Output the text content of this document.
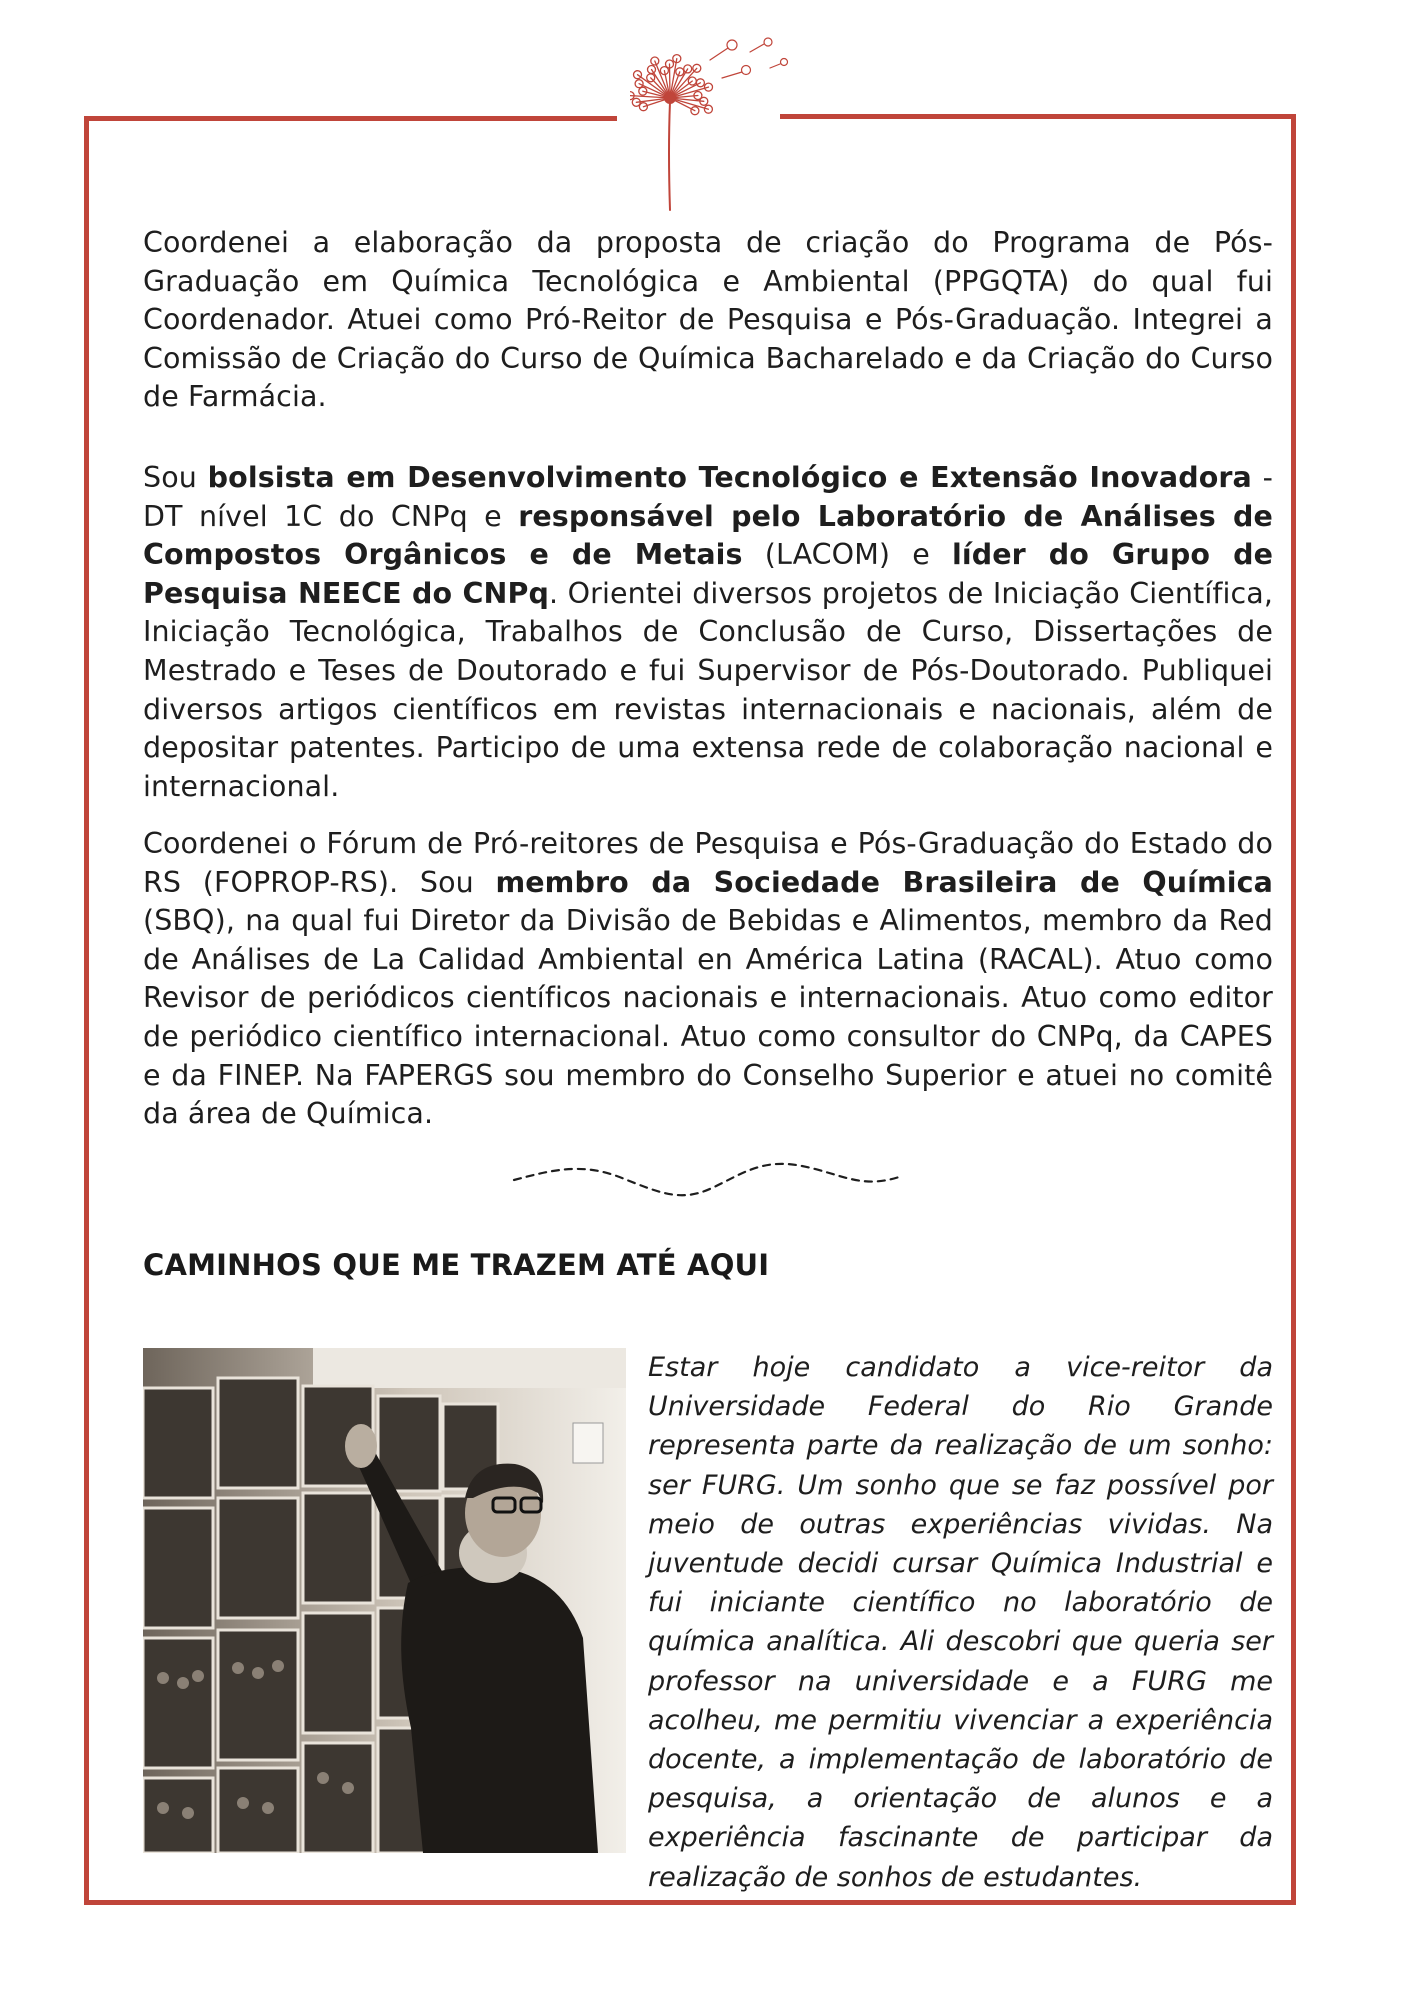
Coordenei a elaboração da proposta de criação do Programa de Pós-Graduação em Química Tecnológica e Ambiental (PPGQTA) do qual fui Coordenador. Atuei como Pró-Reitor de Pesquisa e Pós-Graduação. Integrei a Comissão de Criação do Curso de Química Bacharelado e da Criação do Curso de Farmácia.

Sou bolsista em Desenvolvimento Tecnológico e Extensão Inovadora - DT nível 1C do CNPq e responsável pelo Laboratório de Análises de Compostos Orgânicos e de Metais (LACOM) e líder do Grupo de Pesquisa NEECE do CNPq. Orientei diversos projetos de Iniciação Científica, Iniciação Tecnológica, Trabalhos de Conclusão de Curso, Dissertações de Mestrado e Teses de Doutorado e fui Supervisor de Pós-Doutorado. Publiquei diversos artigos científicos em revistas internacionais e nacionais, além de depositar patentes. Participo de uma extensa rede de colaboração nacional e internacional.

Coordenei o Fórum de Pró-reitores de Pesquisa e Pós-Graduação do Estado do RS (FOPROP-RS). Sou membro da Sociedade Brasileira de Química (SBQ), na qual fui Diretor da Divisão de Bebidas e Alimentos, membro da Red de Análises de La Calidad Ambiental en América Latina (RACAL). Atuo como Revisor de periódicos científicos nacionais e internacionais. Atuo como editor de periódico científico internacional. Atuo como consultor do CNPq, da CAPES e da FINEP. Na FAPERGS sou membro do Conselho Superior e atuei no comitê da área de Química.

CAMINHOS QUE ME TRAZEM ATÉ AQUI

Estar hoje candidato a vice-reitor da Universidade Federal do Rio Grande representa parte da realização de um sonho: ser FURG. Um sonho que se faz possível por meio de outras experiências vividas. Na juventude decidi cursar Química Industrial e fui iniciante científico no laboratório de química analítica. Ali descobri que queria ser professor na universidade e a FURG me acolheu, me permitiu vivenciar a experiência docente, a implementação de laboratório de pesquisa, a orientação de alunos e a experiência fascinante de participar da realização de sonhos de estudantes.
